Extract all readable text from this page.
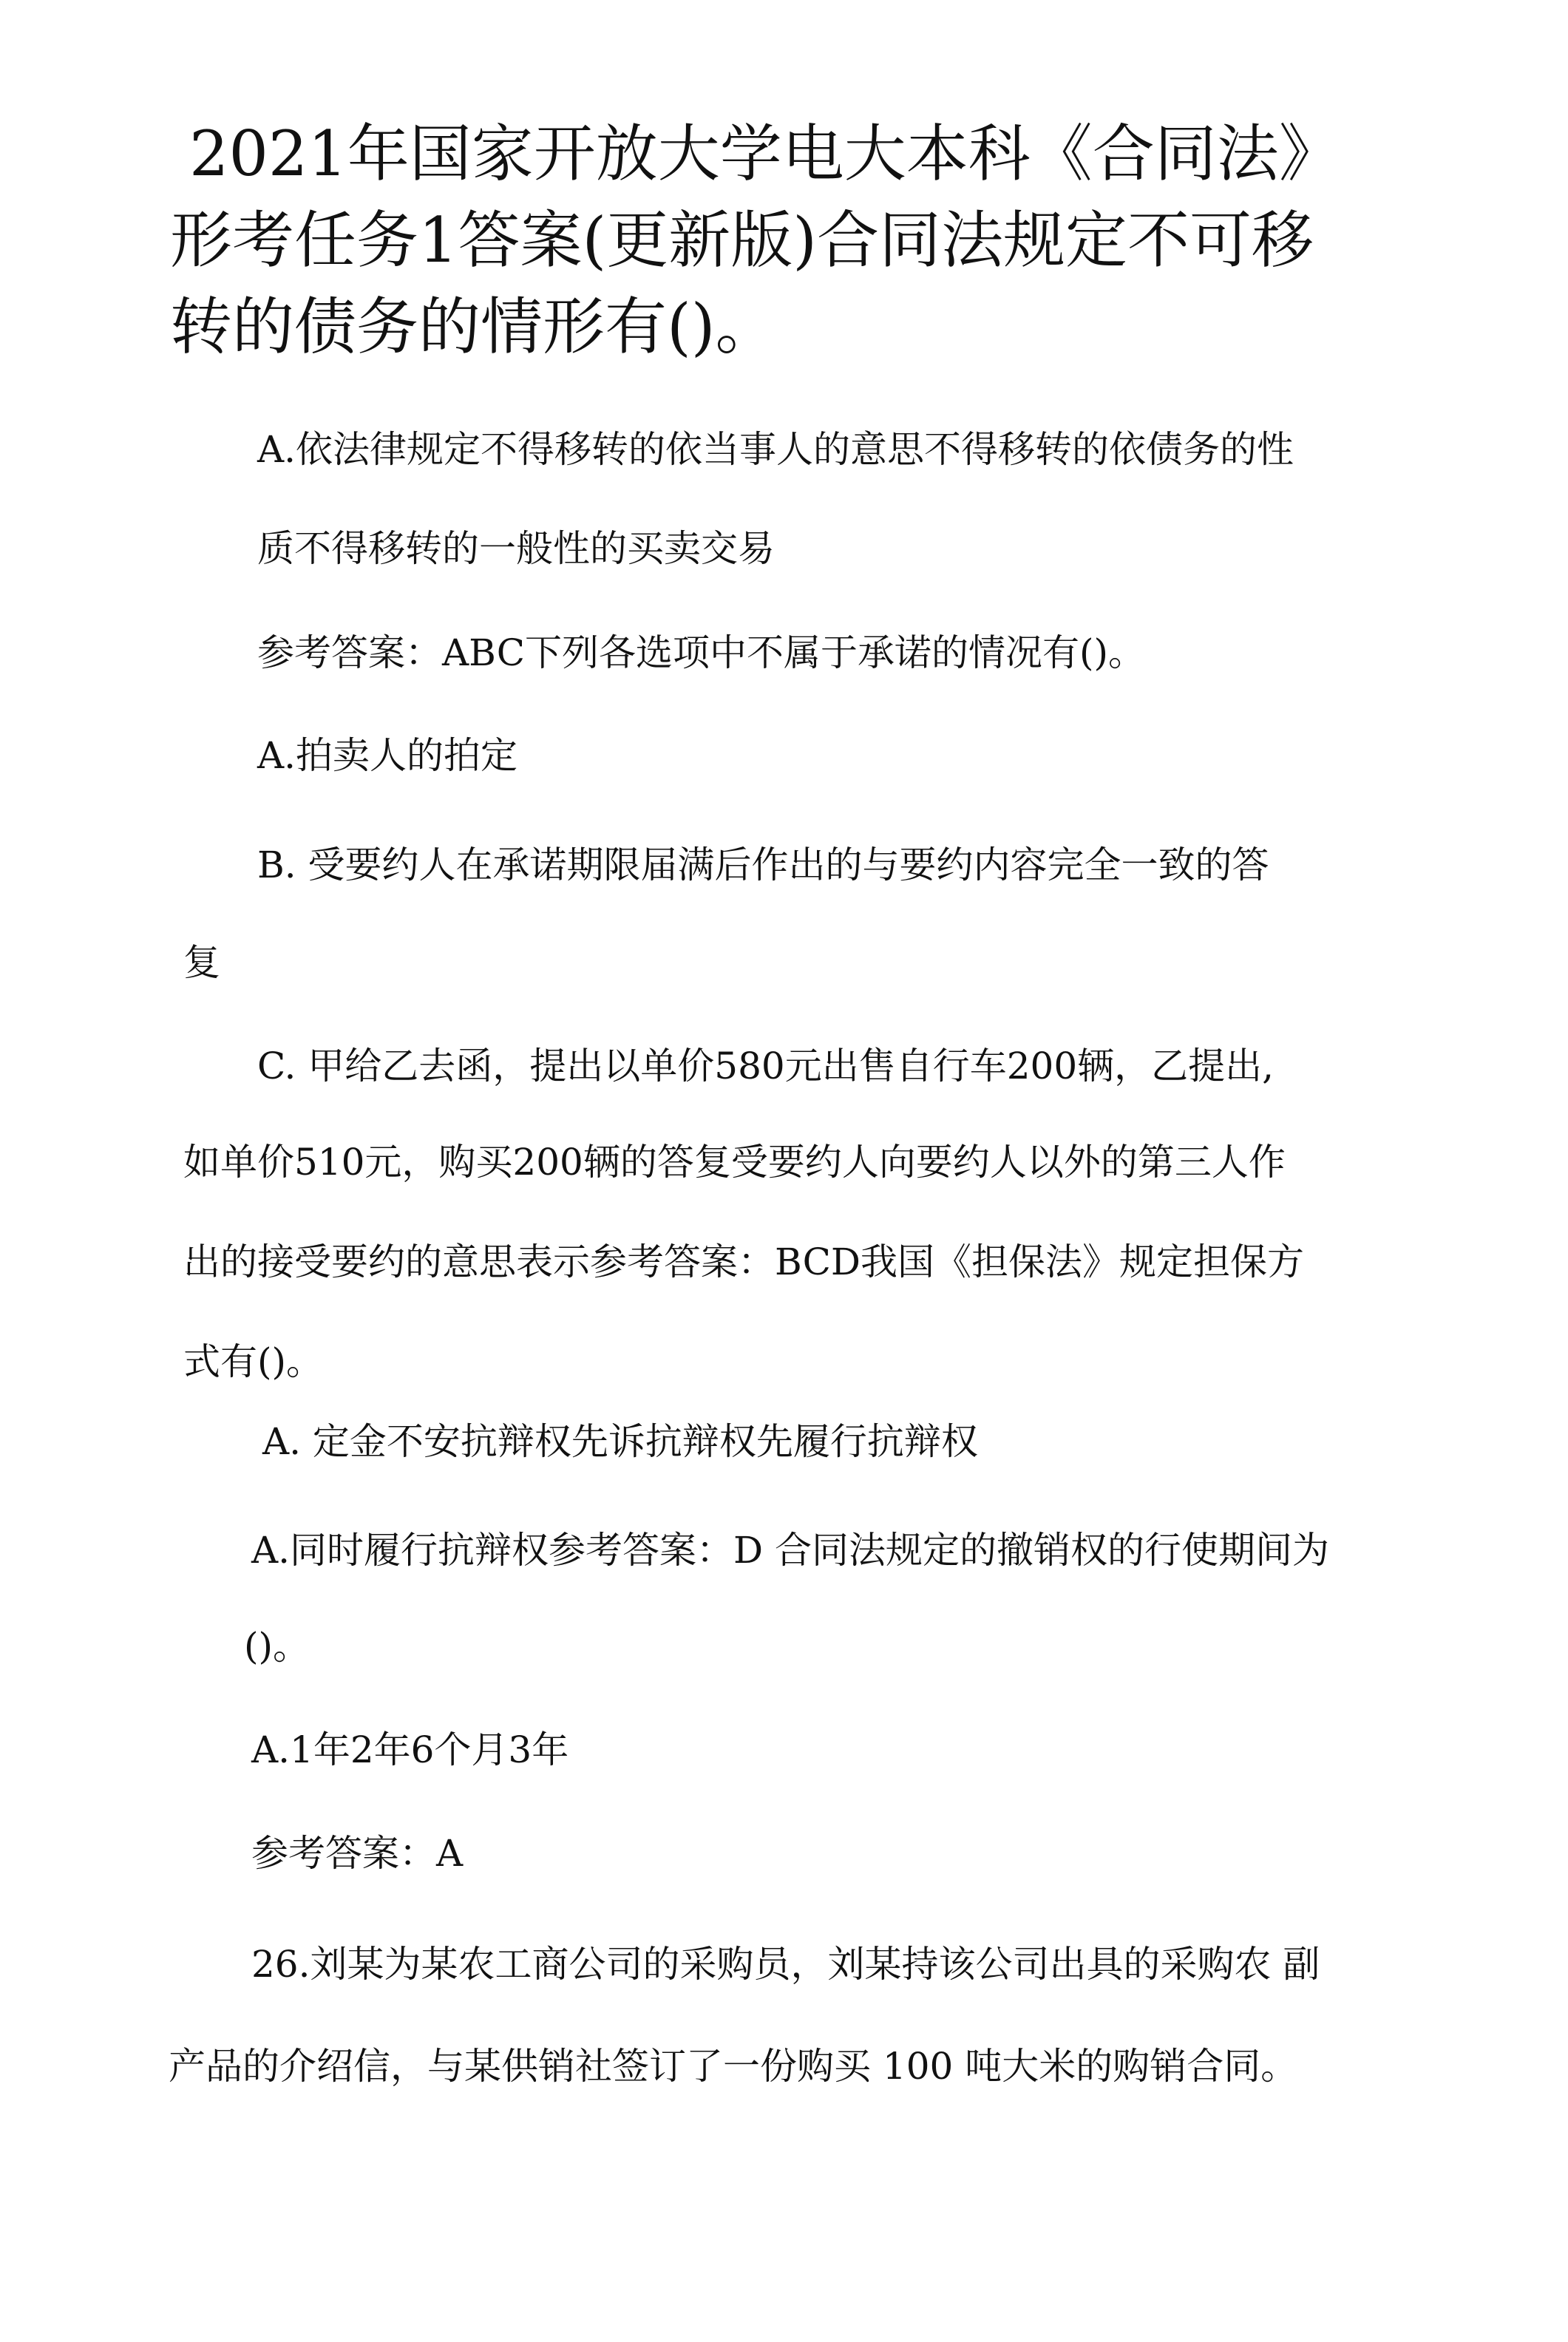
2021年国家开放大学电大本科《合同法》
形考任务1答案(更新版)合同法规定不可移
转的债务的情形有()。

A.依法律规定不得移转的依当事人的意思不得移转的依债务的性

质不得移转的一般性的买卖交易

参考答案：ABC下列各选项中不属于承诺的情况有()。

A.拍卖人的拍定

B. 受要约人在承诺期限届满后作出的与要约内容完全一致的答

复

C. 甲给乙去函，提出以单价580元出售自行车200辆，乙提出,

如单价510元，购买200辆的答复受要约人向要约人以外的第三人作

出的接受要约的意思表示参考答案：BCD我国《担保法》规定担保方

式有()。

A. 定金不安抗辩权先诉抗辩权先履行抗辩权

A.同时履行抗辩权参考答案：D 合同法规定的撤销权的行使期间为

()。

A.1年2年6个月3年

参考答案：A

26.刘某为某农工商公司的采购员，刘某持该公司出具的采购农 副

产品的介绍信，与某供销社签订了一份购买 100 吨大米的购销合同。
